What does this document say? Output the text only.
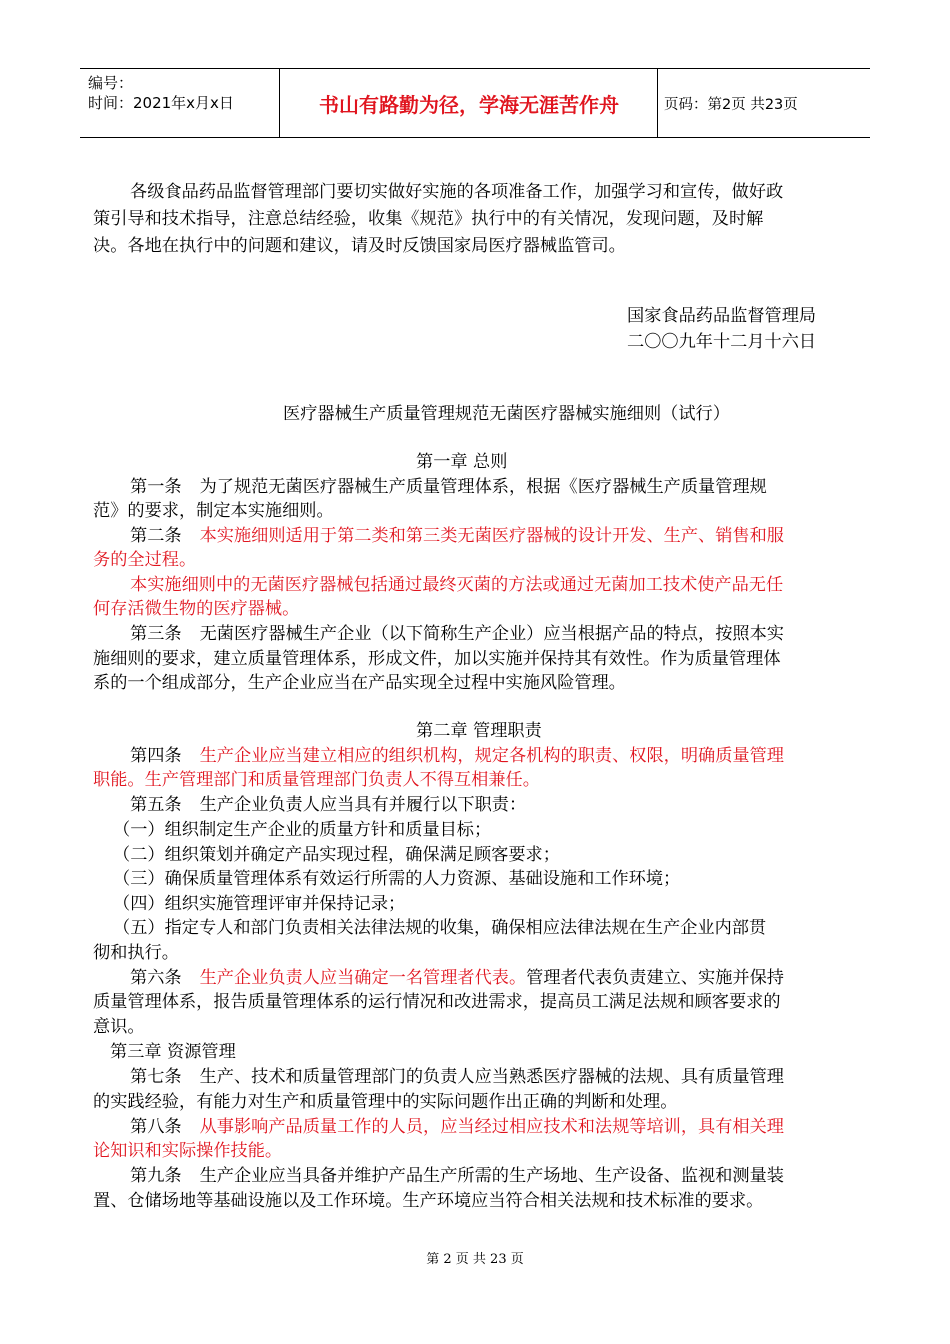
编号：
时间：2021年x月x日	书山有路勤为径，学海无涯苦作舟	页码：第2页 共23页
各级食品药品监督管理部门要切实做好实施的各项准备工作，加强学习和宣传，做好政
策引导和技术指导，注意总结经验，收集《规范》执行中的有关情况，发现问题，及时解
决。各地在执行中的问题和建议，请及时反馈国家局医疗器械监管司。
国家食品药品监督管理局
二〇〇九年十二月十六日
医疗器械生产质量管理规范无菌医疗器械实施细则（试行）
第一章 总则
第一条 为了规范无菌医疗器械生产质量管理体系，根据《医疗器械生产质量管理规
范》的要求，制定本实施细则。
第二条 本实施细则适用于第二类和第三类无菌医疗器械的设计开发、生产、销售和服
务的全过程。
本实施细则中的无菌医疗器械包括通过最终灭菌的方法或通过无菌加工技术使产品无任
何存活微生物的医疗器械。
第三条 无菌医疗器械生产企业（以下简称生产企业）应当根据产品的特点，按照本实
施细则的要求，建立质量管理体系，形成文件，加以实施并保持其有效性。作为质量管理体
系的一个组成部分，生产企业应当在产品实现全过程中实施风险管理。
第二章 管理职责
第四条 生产企业应当建立相应的组织机构，规定各机构的职责、权限，明确质量管理
职能。生产管理部门和质量管理部门负责人不得互相兼任。
第五条 生产企业负责人应当具有并履行以下职责：
（一）组织制定生产企业的质量方针和质量目标；
（二）组织策划并确定产品实现过程，确保满足顾客要求；
（三）确保质量管理体系有效运行所需的人力资源、基础设施和工作环境；
（四）组织实施管理评审并保持记录；
（五）指定专人和部门负责相关法律法规的收集，确保相应法律法规在生产企业内部贯
彻和执行。
第六条 生产企业负责人应当确定一名管理者代表。管理者代表负责建立、实施并保持
质量管理体系，报告质量管理体系的运行情况和改进需求，提高员工满足法规和顾客要求的
意识。
第三章 资源管理
第七条 生产、技术和质量管理部门的负责人应当熟悉医疗器械的法规、具有质量管理
的实践经验，有能力对生产和质量管理中的实际问题作出正确的判断和处理。
第八条 从事影响产品质量工作的人员，应当经过相应技术和法规等培训，具有相关理
论知识和实际操作技能。
第九条 生产企业应当具备并维护产品生产所需的生产场地、生产设备、监视和测量装
置、仓储场地等基础设施以及工作环境。生产环境应当符合相关法规和技术标准的要求。
第 2 页 共 23 页
